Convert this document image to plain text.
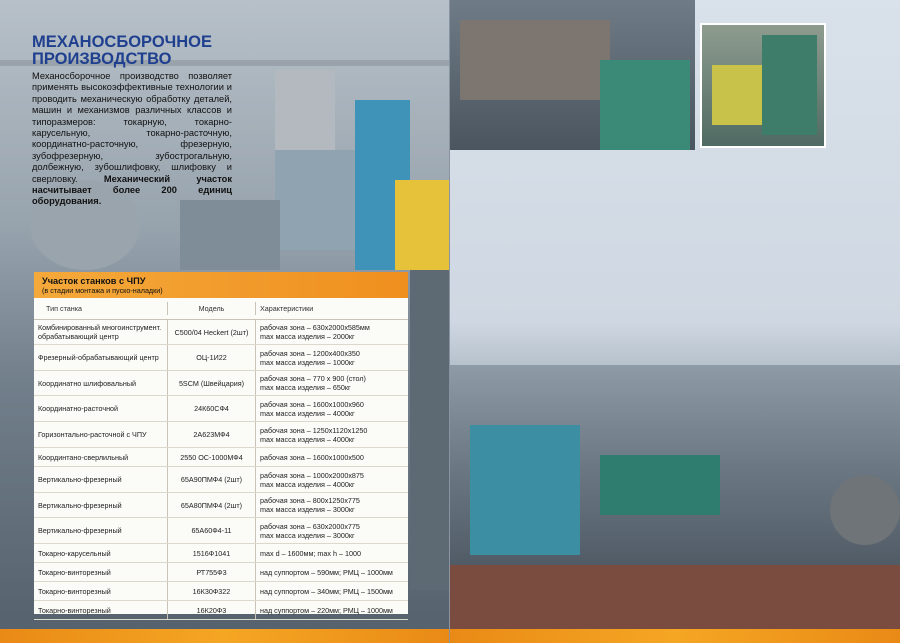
МЕХАНОСБОРОЧНОЕ ПРОИЗВОДСТВО
Механосборочное производство позволяет применять высокоэффективные технологии и проводить механическую обработку деталей, машин и механизмов различных классов и типоразмеров: токарную, токарно-карусельную, токарно-расточную, координатно-расточную, фрезерную, зубофрезерную, зубострогальную, долбежную, зубошлифовку, шлифовку и сверловку.	Механический участок насчитывает более 200 единиц оборудования.
Участок станков с ЧПУ
(в стадии монтажа и пуско-наладки)
Тип станка	Модель	Характеристики
Комбинированный многоинструмент. обрабатывающий центр	C500/04 Heckert (2шт)	рабочая зона – 630x2000x585мм
max масса изделия – 2000кг
Фрезерный-обрабатывающий центр	ОЦ-1И22	рабочая зона – 1200x400x350
max масса изделия – 1000кг
Координатно шлифовальный	5SCM (Швейцария)	рабочая зона – 770 x 900 (стол)
max масса изделия – 650кг
Координатно-расточной	24К60СФ4	рабочая зона – 1600x1000x960
max масса изделия – 4000кг
Горизонтально-расточной с ЧПУ	2А623МФ4	рабочая зона – 1250x1120x1250
max масса изделия – 4000кг
Координтано-сверлильный	2550 ОС-1000МФ4	рабочая зона – 1600x1000x500
Вертикально-фрезерный	65А90ПМФ4 (2шт)	рабочая зона – 1000x2000x875
max масса изделия – 4000кг
Вертикально-фрезерный	65А80ПМФ4 (2шт)	рабочая зона – 800x1250x775
max масса изделия – 3000кг
Вертикально-фрезерный	65А60Ф4-11	рабочая зона – 630x2000x775
max масса изделия – 3000кг
Токарно-карусельный	1516Ф1041	max d – 1600мм; max h – 1000
Токарно-винторезный	РТ755Ф3	над суппортом – 590мм; РМЦ – 1000мм
Токарно-винторезный	16К30Ф322	над суппортом – 340мм; РМЦ – 1500мм
Токарно-винторезный	16К20Ф3	над суппортом – 220мм; РМЦ – 1000мм
